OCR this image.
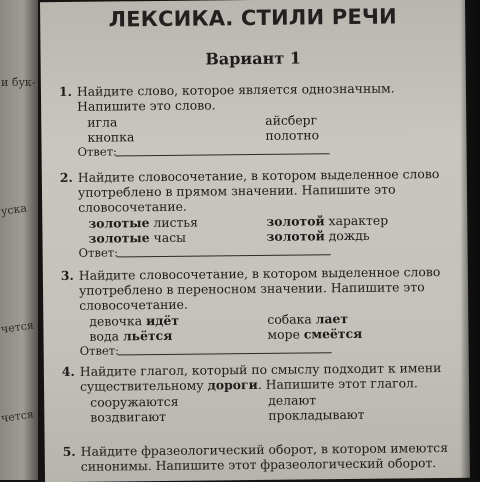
и бук-
уска
чется
чется
ЛЕКСИКА. СТИЛИ РЕЧИ
Вариант 1
1. Найдите слово, которое является однозначным. Напишите это слово.
игла	айсберг
кнопка	полотно
Ответ:
2. Найдите словосочетание, в котором выделенное слово употреблено в прямом значении. Напишите это словосочетание.
золотые листья	золотой характер
золотые часы	золотой дождь
Ответ:
3. Найдите словосочетание, в котором выделенное слово употреблено в переносном значении. Напишите это словосочетание.
девочка идёт	собака лает
вода льётся	море смеётся
Ответ:
4. Найдите глагол, который по смыслу подходит к имени существительному дороги. Напишите этот глагол.
сооружаются	делают
воздвигают	прокладывают
5. Найдите фразеологический оборот, в котором имеются синонимы. Напишите этот фразеологический оборот.
